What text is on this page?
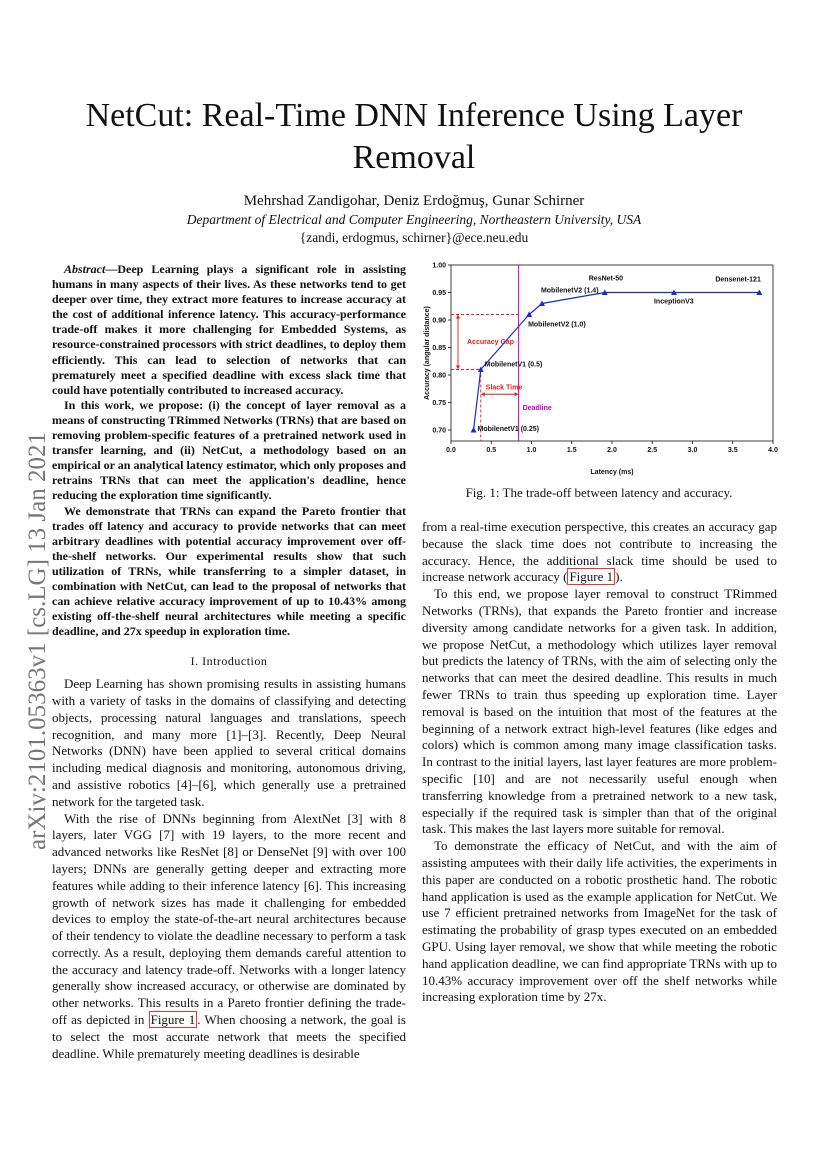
arXiv:2101.05363v1 [cs.LG] 13 Jan 2021
NetCut: Real-Time DNN Inference Using Layer Removal
Mehrshad Zandigohar, Deniz Erdoğmuş, Gunar Schirner
Department of Electrical and Computer Engineering, Northeastern University, USA
{zandi, erdogmus, schirner}@ece.neu.edu

Abstract—Deep Learning plays a significant role in assisting humans in many aspects of their lives. As these networks tend to get deeper over time, they extract more features to increase accuracy at the cost of additional inference latency. This accuracy-performance trade-off makes it more challenging for Embedded Systems, as resource-constrained processors with strict deadlines, to deploy them efficiently. This can lead to selection of networks that can prematurely meet a specified deadline with excess slack time that could have potentially contributed to increased accuracy.

In this work, we propose: (i) the concept of layer removal as a means of constructing TRimmed Networks (TRNs) that are based on removing problem-specific features of a pretrained network used in transfer learning, and (ii) NetCut, a methodology based on an empirical or an analytical latency estimator, which only proposes and retrains TRNs that can meet the application's deadline, hence reducing the exploration time significantly.

We demonstrate that TRNs can expand the Pareto frontier that trades off latency and accuracy to provide networks that can meet arbitrary deadlines with potential accuracy improvement over off-the-shelf networks. Our experimental results show that such utilization of TRNs, while transferring to a simpler dataset, in combination with NetCut, can lead to the proposal of networks that can achieve relative accuracy improvement of up to 10.43% among existing off-the-shelf neural architectures while meeting a specific deadline, and 27x speedup in exploration time.

I. Introduction

Deep Learning has shown promising results in assisting humans with a variety of tasks in the domains of classifying and detecting objects, processing natural languages and translations, speech recognition, and many more [1]–[3]. Recently, Deep Neural Networks (DNN) have been applied to several critical domains including medical diagnosis and monitoring, autonomous driving, and assistive robotics [4]–[6], which generally use a pretrained network for the targeted task.

With the rise of DNNs beginning from AlextNet [3] with 8 layers, later VGG [7] with 19 layers, to the more recent and advanced networks like ResNet [8] or DenseNet [9] with over 100 layers; DNNs are generally getting deeper and extracting more features while adding to their inference latency [6]. This increasing growth of network sizes has made it challenging for embedded devices to employ the state-of-the-art neural architectures because of their tendency to violate the deadline necessary to perform a task correctly. As a result, deploying them demands careful attention to the accuracy and latency trade-off. Networks with a longer latency generally show increased accuracy, or otherwise are dominated by other networks. This results in a Pareto frontier defining the trade-off as depicted in Figure 1 . When choosing a network, the goal is to select the most accurate network that meets the specified deadline. While prematurely meeting deadlines is desirable

0.70
0.75
0.80
0.85
0.90
0.95
1.00
0.0	0.5	1.0	1.5	2.0	2.5	3.0	3.5	4.0
Latency (ms)
Accuracy (angular distance)
Deadline
Accuracy Gap
Slack Time
MobilenetV1 (0.25)
MobilenetV1 (0.5)
MobilenetV2 (1.0)
MobilenetV2 (1.4)
ResNet-50
InceptionV3
Densenet-121
Fig. 1: The trade-off between latency and accuracy.

from a real-time execution perspective, this creates an accuracy gap because the slack time does not contribute to increasing the accuracy. Hence, the additional slack time should be used to increase network accuracy ( Figure 1 ).

To this end, we propose layer removal to construct TRimmed Networks (TRNs), that expands the Pareto frontier and increase diversity among candidate networks for a given task. In addition, we propose NetCut, a methodology which utilizes layer removal but predicts the latency of TRNs, with the aim of selecting only the networks that can meet the desired deadline. This results in much fewer TRNs to train thus speeding up exploration time. Layer removal is based on the intuition that most of the features at the beginning of a network extract high-level features (like edges and colors) which is common among many image classification tasks. In contrast to the initial layers, last layer features are more problem-specific [10] and are not necessarily useful enough when transferring knowledge from a pretrained network to a new task, especially if the required task is simpler than that of the original task. This makes the last layers more suitable for removal.

To demonstrate the efficacy of NetCut, and with the aim of assisting amputees with their daily life activities, the experiments in this paper are conducted on a robotic prosthetic hand. The robotic hand application is used as the example application for NetCut. We use 7 efficient pretrained networks from ImageNet for the task of estimating the probability of grasp types executed on an embedded GPU. Using layer removal, we show that while meeting the robotic hand application deadline, we can find appropriate TRNs with up to 10.43% accuracy improvement over off the shelf networks while increasing exploration time by 27x.
